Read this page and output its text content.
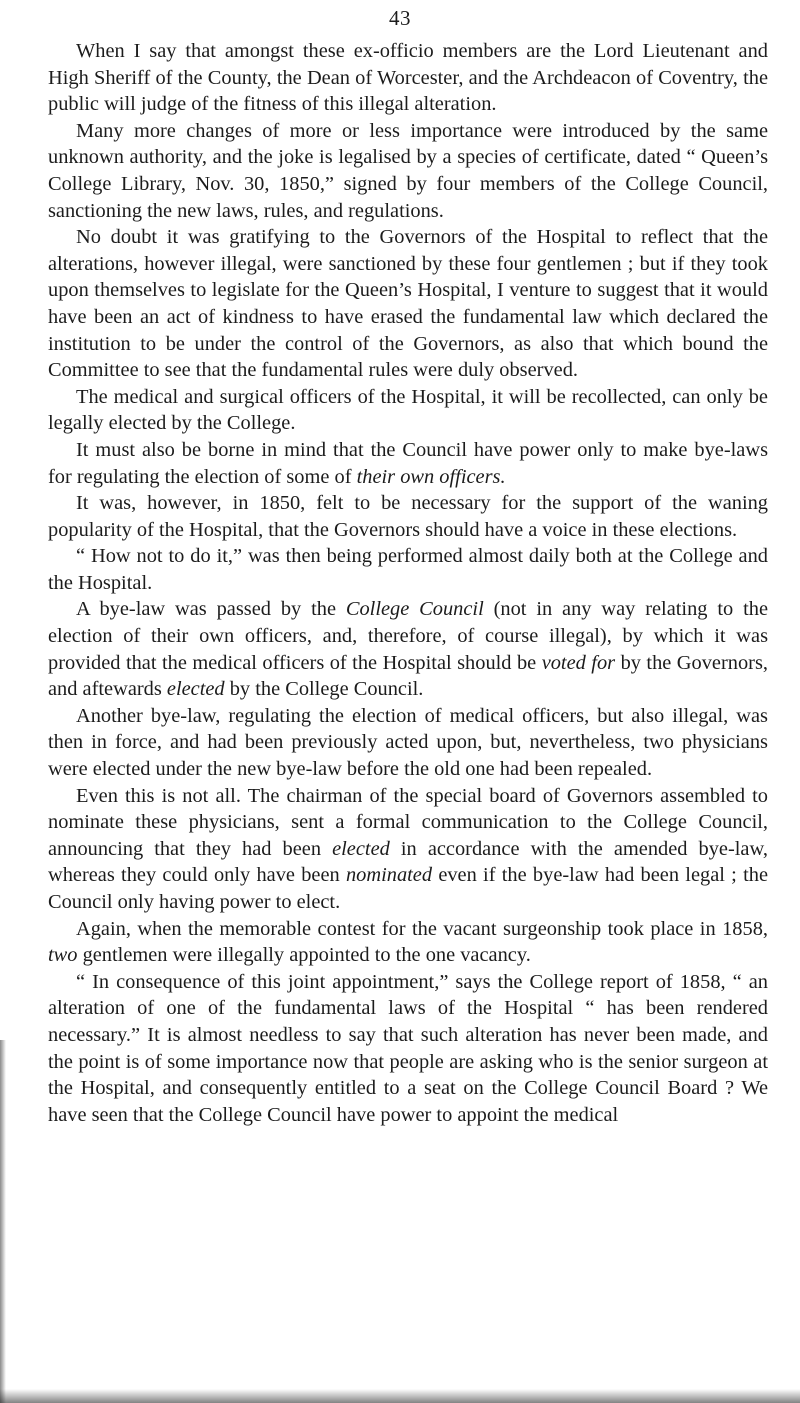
43

When I say that amongst these ex-officio members are the Lord Lieutenant and High Sheriff of the County, the Dean of Worcester, and the Archdeacon of Coventry, the public will judge of the fitness of this illegal alteration.

Many more changes of more or less importance were introduced by the same unknown authority, and the joke is legalised by a species of certificate, dated “ Queen’s College Library, Nov. 30, 1850,” signed by four members of the College Council, sanctioning the new laws, rules, and regulations.

No doubt it was gratifying to the Governors of the Hospital to reflect that the alterations, however illegal, were sanctioned by these four gentlemen ; but if they took upon themselves to legislate for the Queen’s Hospital, I venture to suggest that it would have been an act of kindness to have erased the fundamental law which declared the institution to be under the control of the Governors, as also that which bound the Committee to see that the fundamental rules were duly observed.

The medical and surgical officers of the Hospital, it will be recollected, can only be legally elected by the College.

It must also be borne in mind that the Council have power only to make bye-laws for regulating the election of some of their own officers.

It was, however, in 1850, felt to be necessary for the support of the waning popularity of the Hospital, that the Governors should have a voice in these elections.

“ How not to do it,” was then being performed almost daily both at the College and the Hospital.

A bye-law was passed by the College Council (not in any way relating to the election of their own officers, and, therefore, of course illegal), by which it was provided that the medical officers of the Hospital should be voted for by the Governors, and aftewards elected by the College Council.

Another bye-law, regulating the election of medical officers, but also illegal, was then in force, and had been previously acted upon, but, nevertheless, two physicians were elected under the new bye-law before the old one had been repealed.

Even this is not all. The chairman of the special board of Governors assembled to nominate these physicians, sent a formal communication to the College Council, announcing that they had been elected in accordance with the amended bye-law, whereas they could only have been nominated even if the bye-law had been legal ; the Council only having power to elect.

Again, when the memorable contest for the vacant surgeonship took place in 1858, two gentlemen were illegally appointed to the one vacancy.

“ In consequence of this joint appointment,” says the College report of 1858, “ an alteration of one of the fundamental laws of the Hospital “ has been rendered necessary.” It is almost needless to say that such alteration has never been made, and the point is of some importance now that people are asking who is the senior surgeon at the Hospital, and consequently entitled to a seat on the College Council Board ? We have seen that the College Council have power to appoint the medical
